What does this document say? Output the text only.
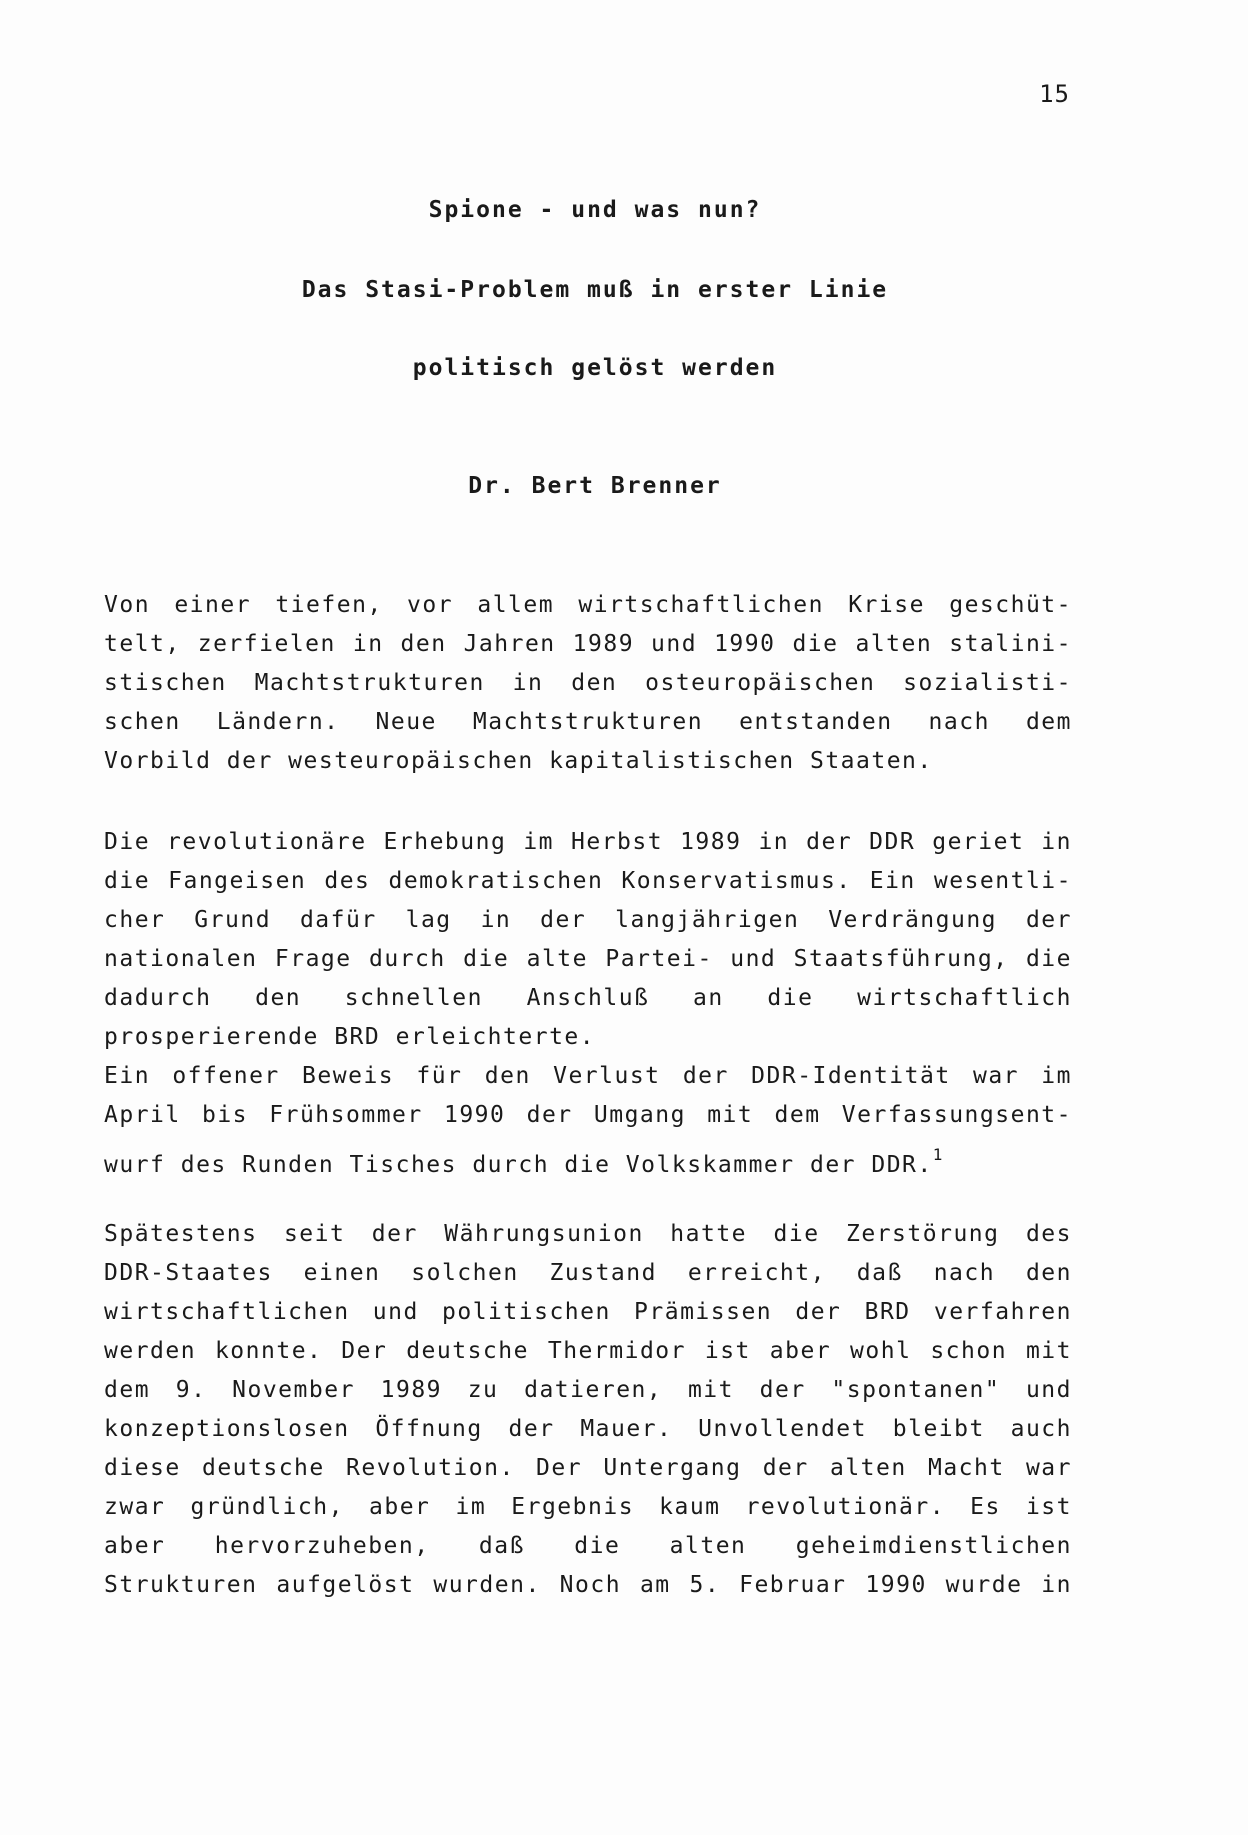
15
Spione - und was nun?
Das Stasi-Problem muß in erster Linie
politisch gelöst werden
Dr. Bert Brenner
Von einer tiefen, vor allem wirtschaftlichen Krise geschüt-
telt, zerfielen in den Jahren 1989 und 1990 die alten stalini-
stischen Machtstrukturen in den osteuropäischen sozialisti-
schen Ländern. Neue Machtstrukturen entstanden nach dem
Vorbild der westeuropäischen kapitalistischen Staaten.
Die revolutionäre Erhebung im Herbst 1989 in der DDR geriet in
die Fangeisen des demokratischen Konservatismus. Ein wesentli-
cher Grund dafür lag in der langjährigen Verdrängung der
nationalen Frage durch die alte Partei- und Staatsführung, die
dadurch den schnellen Anschluß an die wirtschaftlich
prosperierende BRD erleichterte.
Ein offener Beweis für den Verlust der DDR-Identität war im
April bis Frühsommer 1990 der Umgang mit dem Verfassungsent-
wurf des Runden Tisches durch die Volkskammer der DDR.$^1$
Spätestens seit der Währungsunion hatte die Zerstörung des
DDR-Staates einen solchen Zustand erreicht, daß nach den
wirtschaftlichen und politischen Prämissen der BRD verfahren
werden konnte. Der deutsche Thermidor ist aber wohl schon mit
dem 9. November 1989 zu datieren, mit der "spontanen" und
konzeptionslosen Öffnung der Mauer. Unvollendet bleibt auch
diese deutsche Revolution. Der Untergang der alten Macht war
zwar gründlich, aber im Ergebnis kaum revolutionär. Es ist
aber hervorzuheben, daß die alten geheimdienstlichen
Strukturen aufgelöst wurden. Noch am 5. Februar 1990 wurde in
